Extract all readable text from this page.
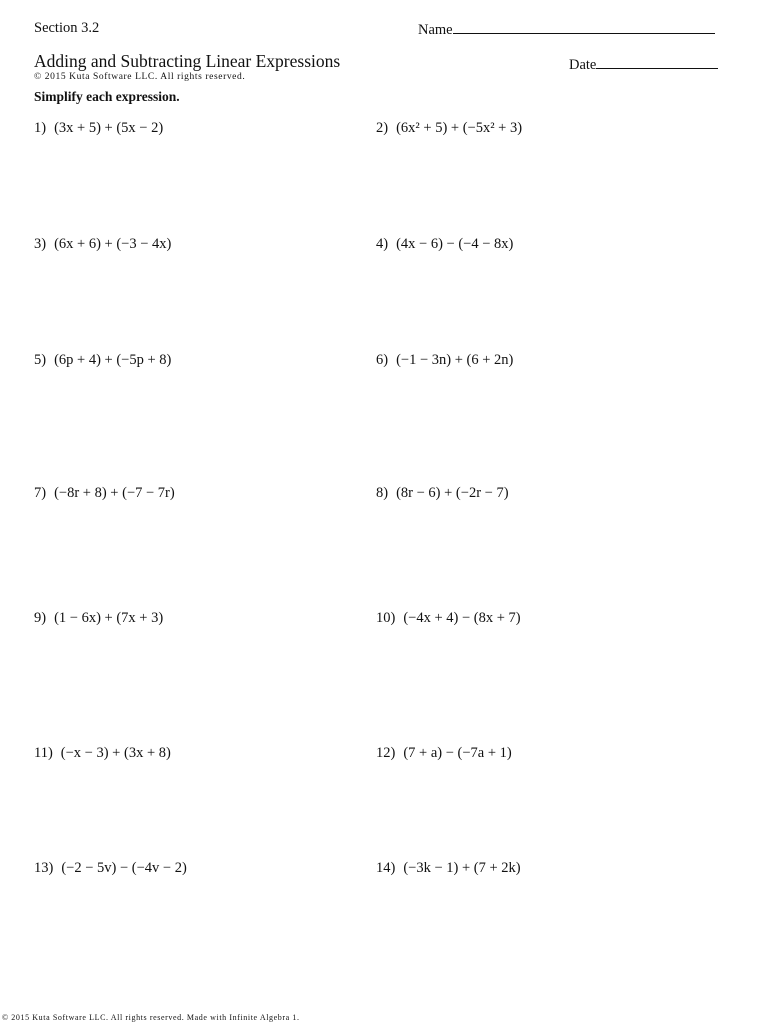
Section 3.2	Name
Adding and Subtracting Linear Expressions	Date
© 2015 Kuta Software LLC. All rights reserved.
Simplify each expression.
1) (3x + 5) + (5x − 2)	2) (6x² + 5) + (−5x² + 3)
3) (6x + 6) + (−3 − 4x)	4) (4x − 6) − (−4 − 8x)
5) (6p + 4) + (−5p + 8)	6) (−1 − 3n) + (6 + 2n)
7) (−8r + 8) + (−7 − 7r)	8) (8r − 6) + (−2r − 7)
9) (1 − 6x) + (7x + 3)	10) (−4x + 4) − (8x + 7)
11) (−x − 3) + (3x + 8)	12) (7 + a) − (−7a + 1)
13) (−2 − 5v) − (−4v − 2)	14) (−3k − 1) + (7 + 2k)
© 2015 Kuta Software LLC. All rights reserved. Made with Infinite Algebra 1.
